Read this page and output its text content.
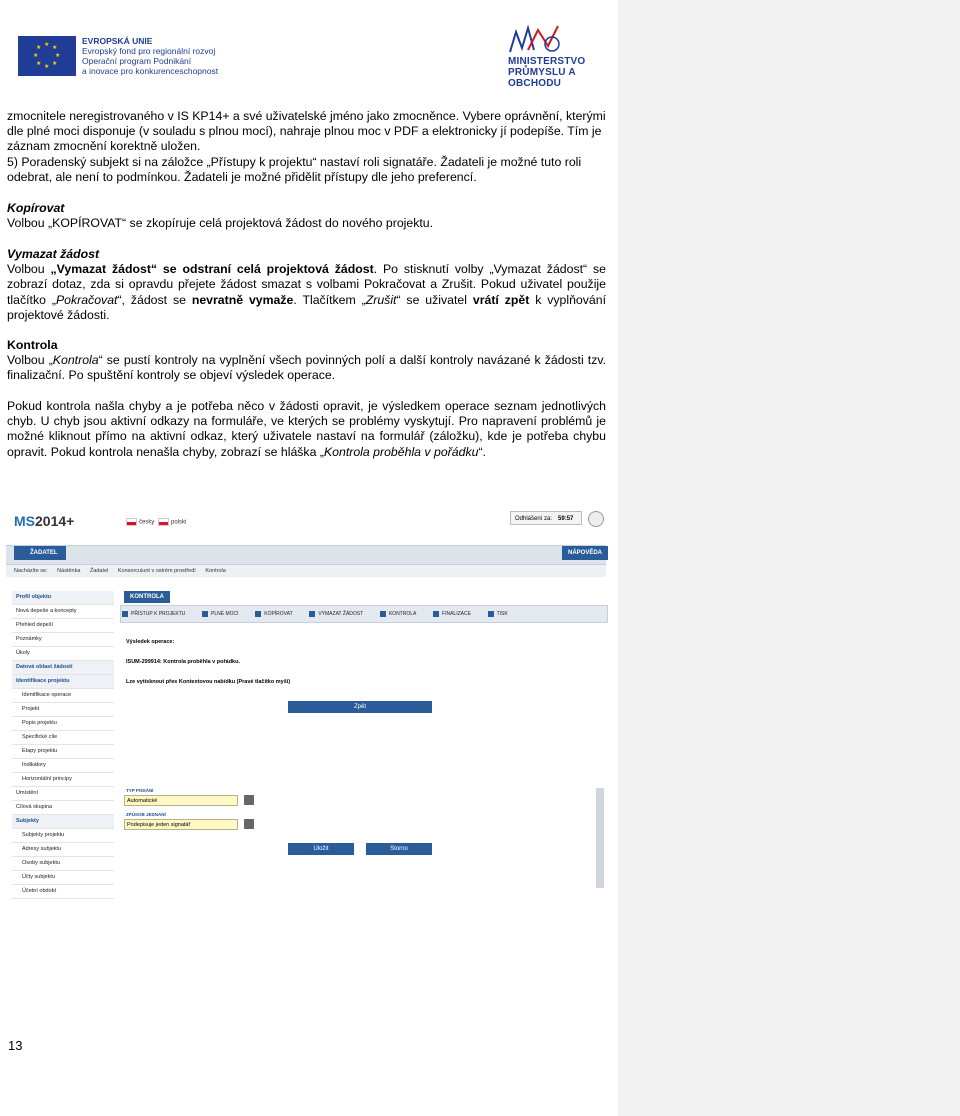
★ ★
★
★
★
★
★
★
EVROPSKÁ UNIE
Evropský fond pro regionální rozvoj
Operační program Podnikání
a inovace pro konkurenceschopnost
MINISTERSTVO
PRŮMYSLU A OBCHODU

zmocnitele neregistrovaného v IS KP14+ a své uživatelské jméno jako zmocněnce. Vybere oprávnění, kterými dle plné moci disponuje (v souladu s plnou mocí), nahraje plnou moc v PDF a elektronicky jí podepíše. Tím je záznam zmocnění korektně uložen.

5) Poradenský subjekt si na záložce „Přístupy k projektu“ nastaví roli signatáře. Žadateli je možné tuto roli odebrat, ale není to podmínkou. Žadateli je možné přidělit přístupy dle jeho preferencí.

Kopírovat

Volbou „KOPÍROVAT“ se zkopíruje celá projektová žádost do nového projektu.

Vymazat žádost

Volbou „Vymazat žádost“ se odstraní celá projektová žádost. Po stisknutí volby „Vymazat žádost“ se zobrazí dotaz, zda si opravdu přejete žádost smazat s volbami Pokračovat a Zrušit. Pokud uživatel použije tlačítko „Pokračovat“, žádost se nevratně vymaže. Tlačítkem „Zrušit“ se uživatel vrátí zpět k vyplňování projektové žádosti.

Kontrola

Volbou „Kontrola“ se pustí kontroly na vyplnění všech povinných polí a další kontroly navázané k žádosti tzv. finalizační. Po spuštění kontroly se objeví výsledek operace.

Pokud kontrola našla chyby a je potřeba něco v žádosti opravit, je výsledkem operace seznam jednotlivých chyb. U chyb jsou aktivní odkazy na formuláře, ve kterých se problémy vyskytují. Pro napravení problémů je možné kliknout přímo na aktivní odkaz, který uživatele nastaví na formulář (záložku), kde je potřeba chybu opravit. Pokud kontrola nenašla chyby, zobrazí se hláška „Kontrola proběhla v pořádku“.

MS2014+	česky	polski
Odhlášení za: 59:57
ŽADATEL	NÁPOVĚDA
Nacházíte se: Nástěnka Žadatel Konsorcuiunt v ostrém prostředí Kontrola
Profil objektu
Nová depeše a koncepty
Přehled depeší
Poznámky
Úkoly
Datová oblast žádosti
Identifikace projektu
Identifikace operace
Projekt
Popis projektu
Specifické cíle
Etapy projektu
Indikátory
Horizontální principy
Umístění
Cílová skupina
Subjekty
Subjekty projektu
Adresy subjektu
Osoby subjektu
Účty subjektu
Účetní období
KONTROLA
PŘÍSTUP K PROJEKTU	PLNÉ MOCI	KOPÍROVAT	VYMAZAT ŽÁDOST	KONTROLA	FINALIZACE	TISK
Výsledek operace:
ISUM-299914: Kontrola proběhla v pořádku.
Lze vytisknout přes Kontextovou nabídku (Pravé tlačítko myši)
Zpět
TYP PODÁNÍ
Automatické
ZPŮSOB JEDNÁNÍ
Podepisuje jeden signatář
Uložit	Storno
13
